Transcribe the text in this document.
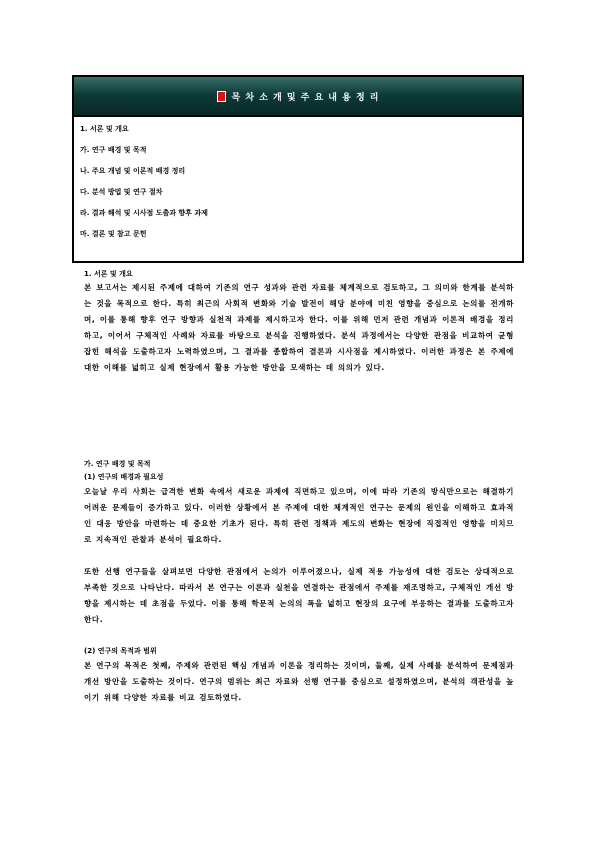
목 차 소 개 및 주 요 내 용 정 리
1. 서론 및 개요
가. 연구 배경 및 목적
나. 주요 개념 및 이론적 배경 정리
다. 분석 방법 및 연구 절차
라. 결과 해석 및 시사점 도출과 향후 과제
마. 결론 및 참고 문헌
1. 서론 및 개요

본 보고서는 제시된 주제에 대하여 기존의 연구 성과와 관련 자료를 체계적으로 검토하고, 그 의미와 한계를 분석하는 것을 목적으로 한다. 특히 최근의 사회적 변화와 기술 발전이 해당 분야에 미친 영향을 중심으로 논의를 전개하며, 이를 통해 향후 연구 방향과 실천적 과제를 제시하고자 한다. 이를 위해 먼저 관련 개념과 이론적 배경을 정리하고, 이어서 구체적인 사례와 자료를 바탕으로 분석을 진행하였다. 분석 과정에서는 다양한 관점을 비교하여 균형 잡힌 해석을 도출하고자 노력하였으며, 그 결과를 종합하여 결론과 시사점을 제시하였다. 이러한 과정은 본 주제에 대한 이해를 넓히고 실제 현장에서 활용 가능한 방안을 모색하는 데 의의가 있다.

가. 연구 배경 및 목적
(1) 연구의 배경과 필요성

오늘날 우리 사회는 급격한 변화 속에서 새로운 과제에 직면하고 있으며, 이에 따라 기존의 방식만으로는 해결하기 어려운 문제들이 증가하고 있다. 이러한 상황에서 본 주제에 대한 체계적인 연구는 문제의 원인을 이해하고 효과적인 대응 방안을 마련하는 데 중요한 기초가 된다. 특히 관련 정책과 제도의 변화는 현장에 직접적인 영향을 미치므로 지속적인 관찰과 분석이 필요하다.

또한 선행 연구들을 살펴보면 다양한 관점에서 논의가 이루어졌으나, 실제 적용 가능성에 대한 검토는 상대적으로 부족한 것으로 나타난다. 따라서 본 연구는 이론과 실천을 연결하는 관점에서 주제를 재조명하고, 구체적인 개선 방향을 제시하는 데 초점을 두었다. 이를 통해 학문적 논의의 폭을 넓히고 현장의 요구에 부응하는 결과를 도출하고자 한다.

(2) 연구의 목적과 범위

본 연구의 목적은 첫째, 주제와 관련된 핵심 개념과 이론을 정리하는 것이며, 둘째, 실제 사례를 분석하여 문제점과 개선 방안을 도출하는 것이다. 연구의 범위는 최근 자료와 선행 연구를 중심으로 설정하였으며, 분석의 객관성을 높이기 위해 다양한 자료를 비교 검토하였다.
